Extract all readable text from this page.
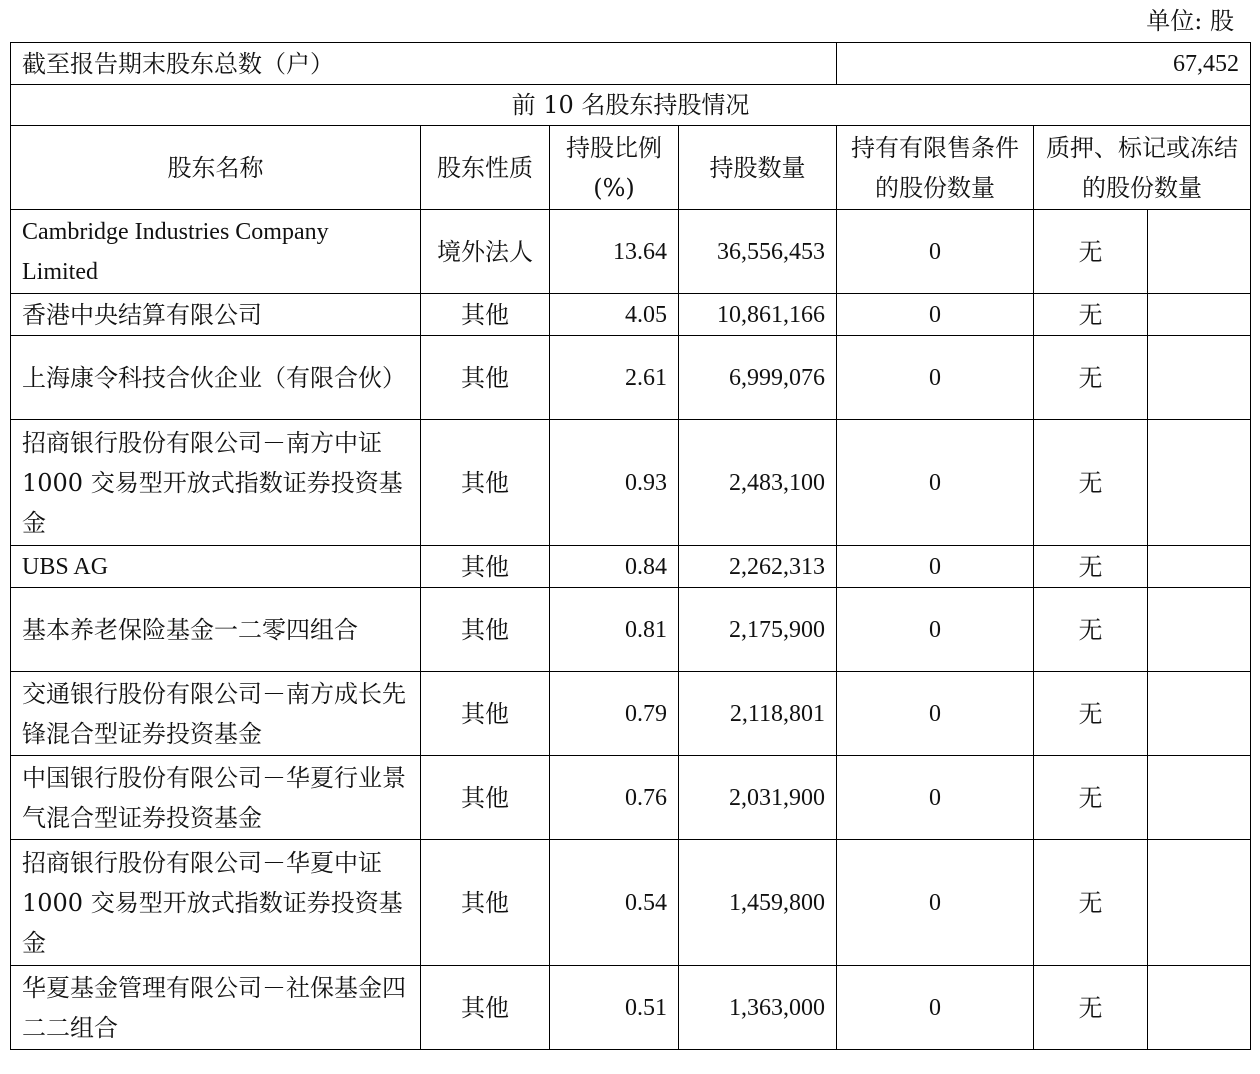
单位: 股
截至报告期末股东总数（户）				67,452		
前 10 名股东持股情况						
股东名称	股东性质	持股比例(%)	持股数量	持有有限售条件的股份数量	质押、标记或冻结的股份数量	
Cambridge Industries Company Limited	境外法人	13.64	36,556,453	0	无	
香港中央结算有限公司	其他	4.05	10,861,166	0	无	
上海康令科技合伙企业（有限合伙）	其他	2.61	6,999,076	0	无	
招商银行股份有限公司－南方中证 1000 交易型开放式指数证券投资基金	其他	0.93	2,483,100	0	无	
UBS AG	其他	0.84	2,262,313	0	无	
基本养老保险基金一二零四组合	其他	0.81	2,175,900	0	无	
交通银行股份有限公司－南方成长先锋混合型证券投资基金	其他	0.79	2,118,801	0	无	
中国银行股份有限公司－华夏行业景气混合型证券投资基金	其他	0.76	2,031,900	0	无	
招商银行股份有限公司－华夏中证 1000 交易型开放式指数证券投资基金	其他	0.54	1,459,800	0	无	
华夏基金管理有限公司－社保基金四二二组合	其他	0.51	1,363,000	0	无	
